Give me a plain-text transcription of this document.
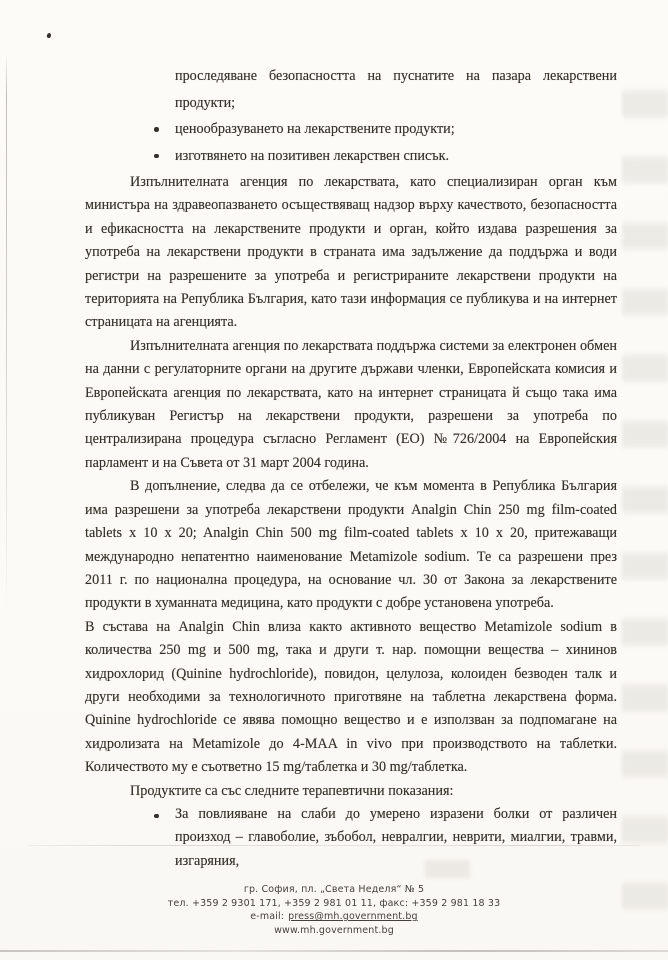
проследяване безопасността на пуснатите на пазара лекарствени продукти;
ценообразуването на лекарствените продукти;
изготвянето на позитивен лекарствен списък.
Изпълнителната агенция по лекарствата, като специализиран орган към министъра на здравеопазването осъществяващ надзор върху качеството, безопасността и ефикасността на лекарствените продукти и орган, който издава разрешения за употреба на лекарствени продукти в страната има задължение да поддържа и води регистри на разрешените за употреба и регистрираните лекарствени продукти на територията на Република България, като тази информация се публикува и на интернет страницата на агенцията.
Изпълнителната агенция по лекарствата поддържа системи за електронен обмен на данни с регулаторните органи на другите държави членки, Европейската комисия и Европейската агенция по лекарствата, като на интернет страницата й също така има публикуван Регистър на лекарствени продукти, разрешени за употреба по централизирана процедура съгласно Регламент (ЕО) №726/2004 на Европейския парламент и на Съвета от 31 март 2004 година.
В допълнение, следва да се отбележи, че към момента в Република България има разрешени за употреба лекарствени продукти Analgin Chin 250 mg film-coated tablets x 10 x 20; Analgin Chin 500 mg film-coated tablets x 10 x 20, притежаващи международно непатентно наименование Metamizole sodium. Те са разрешени през 2011 г. по национална процедура, на основание чл. 30 от Закона за лекарствените продукти в хуманната медицина, като продукти с добре установена употреба.
В състава на Analgin Chin влиза както активното вещество Metamizole sodium в количества 250 mg и 500 mg, така и други т. нар. помощни вещества – хининов хидрохлорид (Quinine hydrochloride), повидон, целулоза, колоиден безводен талк и други необходими за технологичното приготвяне на таблетна лекарствена форма. Quinine hydrochloride се явява помощно вещество и е използван за подпомагане на хидролизата на Metamizole до 4-MAA in vivo при производството на таблетки. Количеството му е съответно 15 mg/таблетка и 30 mg/таблетка.
Продуктите са със следните терапевтични показания:
За повлияване на слаби до умерено изразени болки от различен произход – главоболие, зъбобол, невралгии, неврити, миалгии, травми, изгаряния,
гр. София, пл. „Света Неделя“ № 5
тел. +359 2 9301 171, +359 2 981 01 11, факс: +359 2 981 18 33
e-mail: press@mh.government.bg
www.mh.government.bg
